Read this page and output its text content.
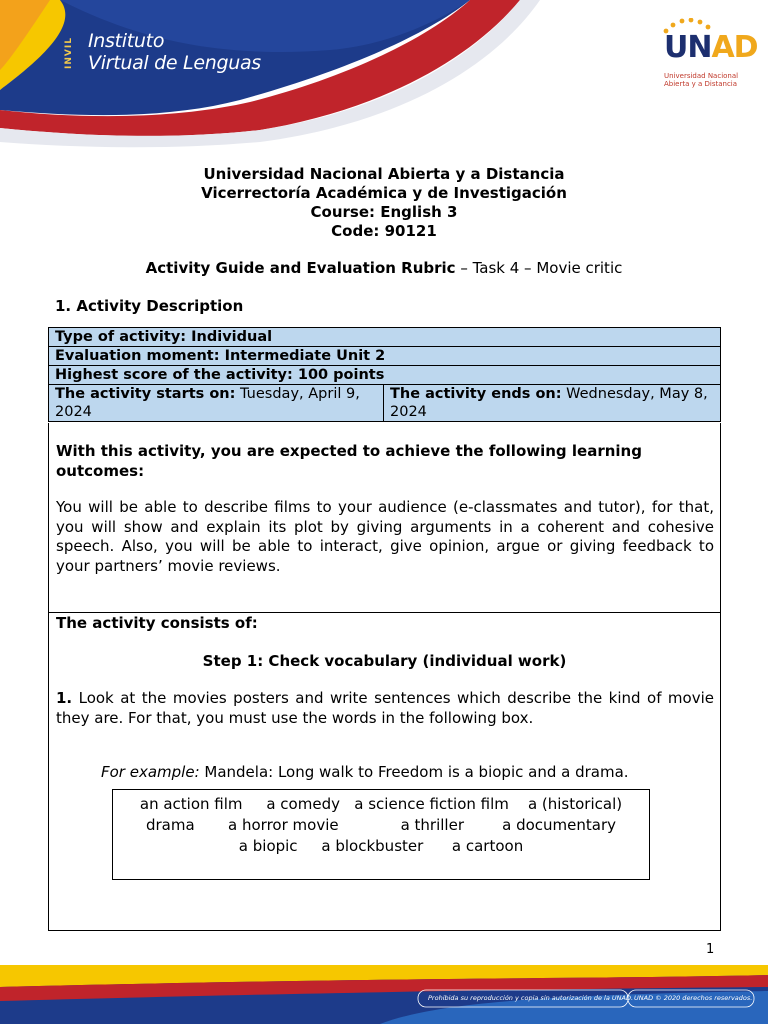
INVIL Instituto
Virtual de Lenguas	UNAD
Universidad Nacional
Abierta y a Distancia
Universidad Nacional Abierta y a Distancia
Vicerrectoría Académica y de Investigación
Course: English 3
Code: 90121
Activity Guide and Evaluation Rubric – Task 4 – Movie critic
1. Activity Description
Type of activity: Individual
Evaluation moment: Intermediate Unit 2
Highest score of the activity: 100 points
The activity starts on: Tuesday, April 9, 2024	The activity ends on: Wednesday, May 8, 2024
With this activity, you are expected to achieve the following learning outcomes:
You will be able to describe films to your audience (e-classmates and tutor), for that, you will show and explain its plot by giving arguments in a coherent and cohesive speech. Also, you will be able to interact, give opinion, argue or giving feedback to your partners’ movie reviews.
The activity consists of:
Step 1: Check vocabulary (individual work)
1. Look at the movies posters and write sentences which describe the kind of movie they are. For that, you must use the words in the following box.
For example: Mandela: Long walk to Freedom is a biopic and a drama.
an action film     a comedy   a science fiction film    a (historical)
drama       a horror movie             a thriller        a documentary
a biopic     a blockbuster      a cartoon
1
Prohibida su reproducción y copia sin autorización de la UNAD. UNAD © 2020 derechos reservados.
